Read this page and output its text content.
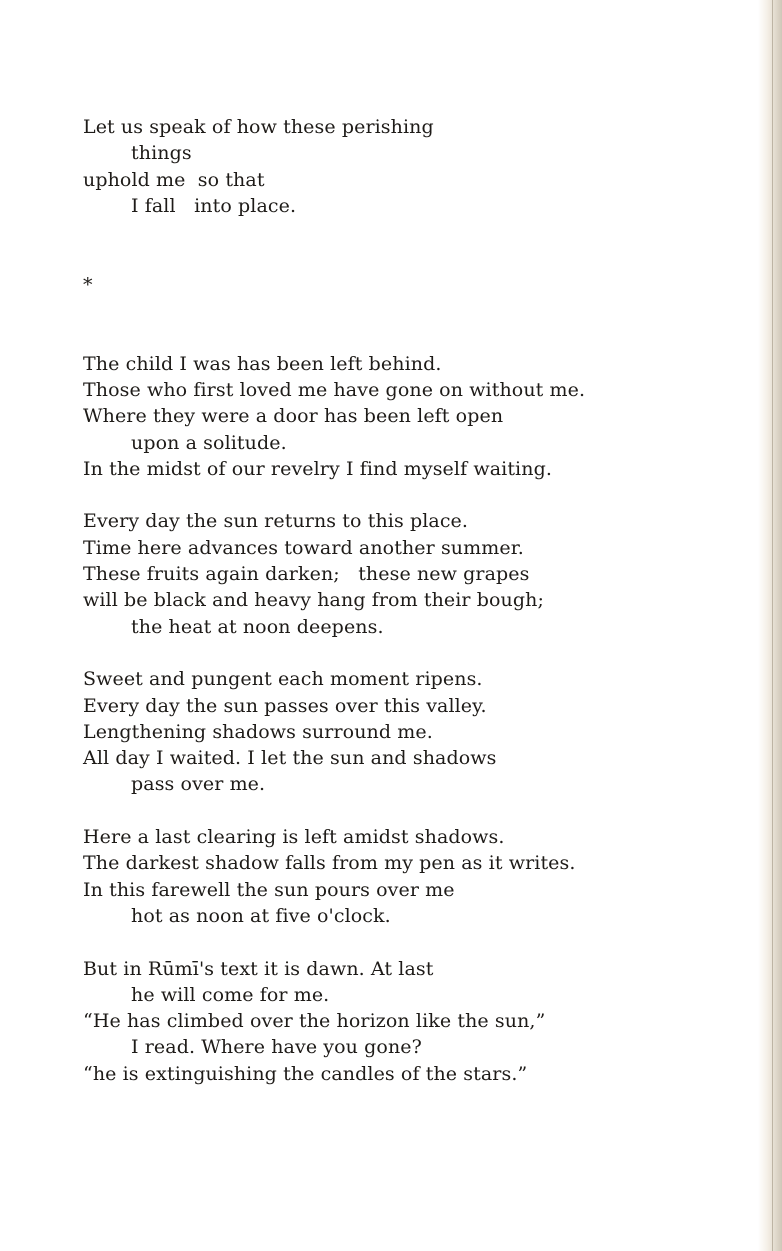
Let us speak of how these perishing
things
uphold me  so that
I fall   into place.
*
The child I was has been left behind.
Those who first loved me have gone on without me.
Where they were a door has been left open
upon a solitude.
In the midst of our revelry I find myself waiting.
Every day the sun returns to this place.
Time here advances toward another summer.
These fruits again darken;   these new grapes
will be black and heavy hang from their bough;
the heat at noon deepens.
Sweet and pungent each moment ripens.
Every day the sun passes over this valley.
Lengthening shadows surround me.
All day I waited. I let the sun and shadows
pass over me.
Here a last clearing is left amidst shadows.
The darkest shadow falls from my pen as it writes.
In this farewell the sun pours over me
hot as noon at five o'clock.
But in Rūmī's text it is dawn. At last
he will come for me.
“He has climbed over the horizon like the sun,”
I read. Where have you gone?
“he is extinguishing the candles of the stars.”
